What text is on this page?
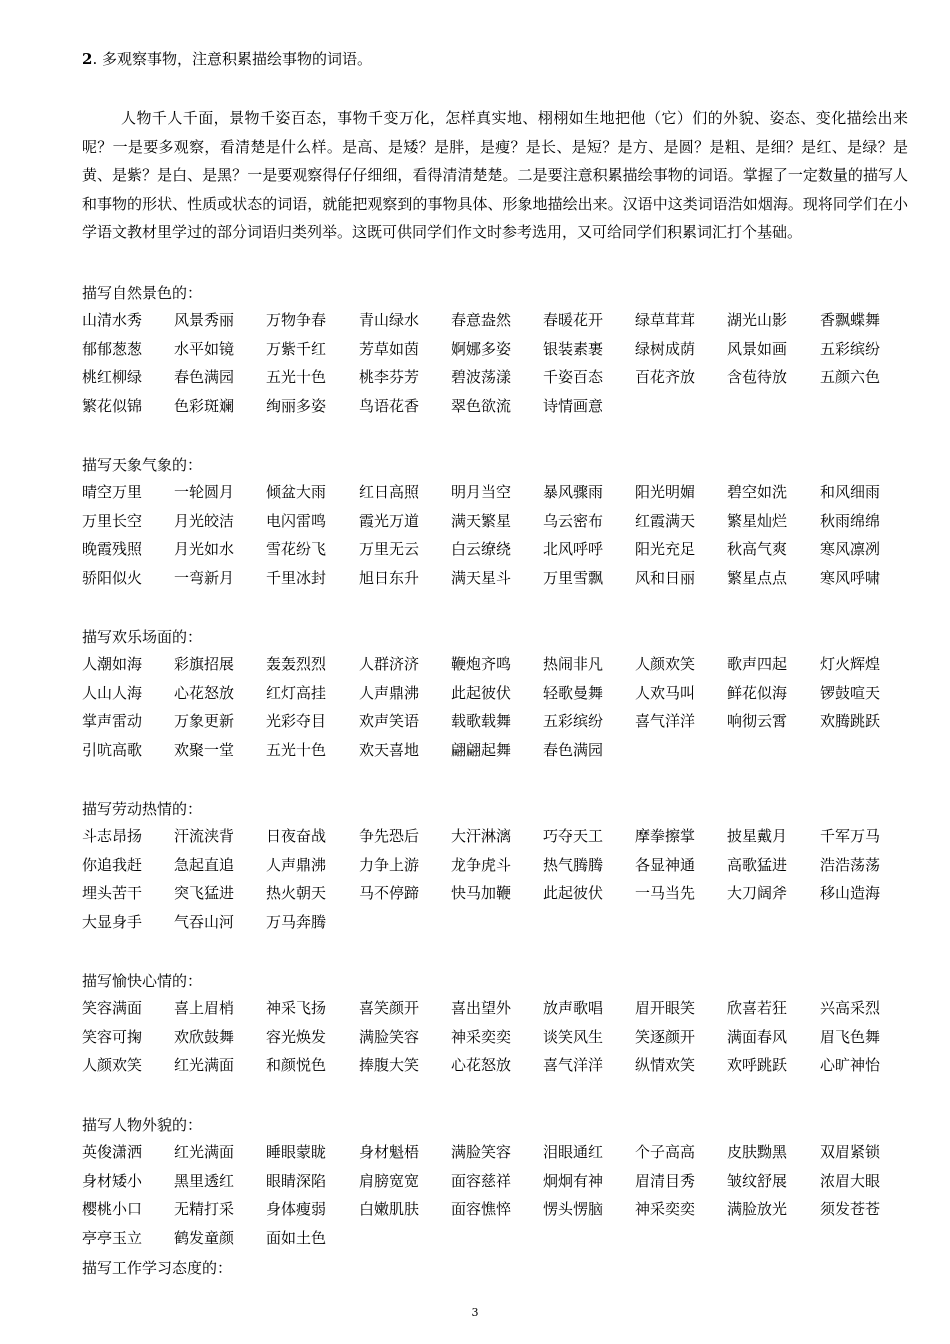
2. 多观察事物，注意积累描绘事物的词语。
人物千人千面，景物千姿百态，事物千变万化，怎样真实地、栩栩如生地把他（它）们的外貌、姿态、变化描绘出来呢？一是要多观察，看清楚是什么样。是高、是矮？是胖，是瘦？是长、是短？是方、是圆？是粗、是细？是红、是绿？是黄、是紫？是白、是黑？一是要观察得仔仔细细，看得清清楚楚。二是要注意积累描绘事物的词语。掌握了一定数量的描写人和事物的形状、性质或状态的词语，就能把观察到的事物具体、形象地描绘出来。汉语中这类词语浩如烟海。现将同学们在小学语文教材里学过的部分词语归类列举。这既可供同学们作文时参考选用，又可给同学们积累词汇打个基础。
描写自然景色的：
山清水秀 风景秀丽 万物争春 青山绿水 春意盎然 春暖花开 绿草茸茸 湖光山影 香飘蝶舞
郁郁葱葱 水平如镜 万紫千红 芳草如茵 婀娜多姿 银装素裹 绿树成荫 风景如画 五彩缤纷
桃红柳绿 春色满园 五光十色 桃李芬芳 碧波荡漾 千姿百态 百花齐放 含苞待放 五颜六色
繁花似锦 色彩斑斓 绚丽多姿 鸟语花香 翠色欲流 诗情画意
描写天象气象的：
晴空万里 一轮圆月 倾盆大雨 红日高照 明月当空 暴风骤雨 阳光明媚 碧空如洗 和风细雨
万里长空 月光皎洁 电闪雷鸣 霞光万道 满天繁星 乌云密布 红霞满天 繁星灿烂 秋雨绵绵
晚霞残照 月光如水 雪花纷飞 万里无云 白云缭绕 北风呼呼 阳光充足 秋高气爽 寒风凛冽
骄阳似火 一弯新月 千里冰封 旭日东升 满天星斗 万里雪飘 风和日丽 繁星点点 寒风呼啸
描写欢乐场面的：
人潮如海 彩旗招展 轰轰烈烈 人群济济 鞭炮齐鸣 热闹非凡 人颜欢笑 歌声四起 灯火辉煌
人山人海 心花怒放 红灯高挂 人声鼎沸 此起彼伏 轻歌曼舞 人欢马叫 鲜花似海 锣鼓喧天
掌声雷动 万象更新 光彩夺目 欢声笑语 载歌载舞 五彩缤纷 喜气洋洋 响彻云霄 欢腾跳跃
引吭高歌 欢聚一堂 五光十色 欢天喜地 翩翩起舞 春色满园
描写劳动热情的：
斗志昂扬 汗流浃背 日夜奋战 争先恐后 大汗淋漓 巧夺天工 摩拳擦掌 披星戴月 千军万马
你追我赶 急起直追 人声鼎沸 力争上游 龙争虎斗 热气腾腾 各显神通 高歌猛进 浩浩荡荡
埋头苦干 突飞猛进 热火朝天 马不停蹄 快马加鞭 此起彼伏 一马当先 大刀阔斧 移山造海
大显身手 气吞山河 万马奔腾
描写愉快心情的：
笑容满面 喜上眉梢 神采飞扬 喜笑颜开 喜出望外 放声歌唱 眉开眼笑 欣喜若狂 兴高采烈
笑容可掬 欢欣鼓舞 容光焕发 满脸笑容 神采奕奕 谈笑风生 笑逐颜开 满面春风 眉飞色舞
人颜欢笑 红光满面 和颜悦色 捧腹大笑 心花怒放 喜气洋洋 纵情欢笑 欢呼跳跃 心旷神怡
描写人物外貌的：
英俊潇洒 红光满面 睡眼蒙眬 身材魁梧 满脸笑容 泪眼通红 个子高高 皮肤黝黑 双眉紧锁
身材矮小 黑里透红 眼睛深陷 肩膀宽宽 面容慈祥 炯炯有神 眉清目秀 皱纹舒展 浓眉大眼
樱桃小口 无精打采 身体瘦弱 白嫩肌肤 面容憔悴 愣头愣脑 神采奕奕 满脸放光 须发苍苍
亭亭玉立 鹤发童颜 面如土色
描写工作学习态度的：
3
